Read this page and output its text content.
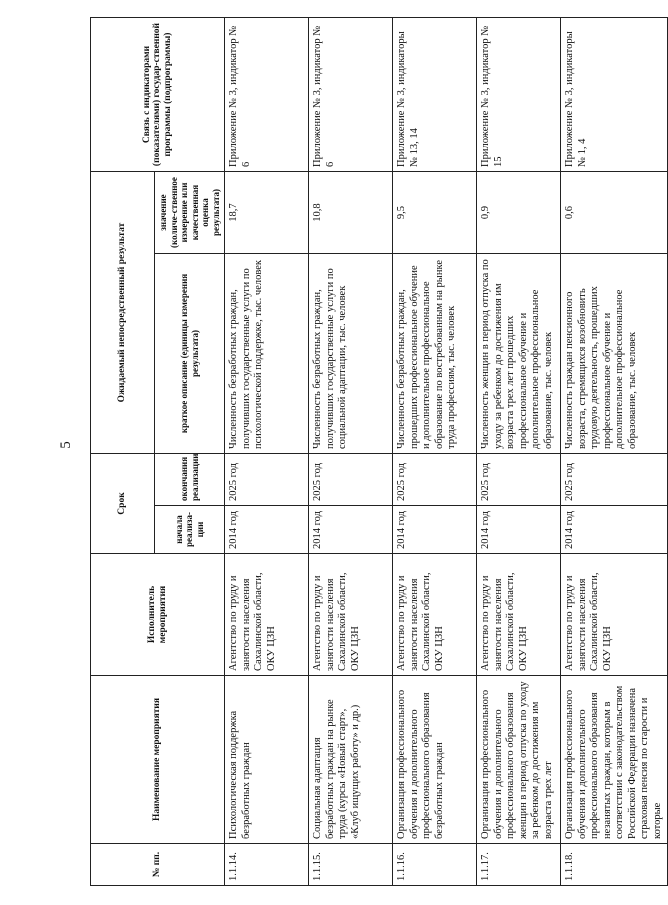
5
№ пп.	Наименование мероприятия	Исполнитель мероприятия	Срок		Ожидаемый непосредственный результат		Связь с индикаторами (показателями) государ-ственной программы (подпрограммы)
			начала реализа-ции	окончания реализации	краткое описание (единицы измерения результата)	значение (количе-ственное измерение или качественная оценка результата)	
1.1.14.	Психологическая поддержка безработных граждан	Агентство по труду и занятости населения Сахалинской области, ОКУ ЦЗН	2014 год	2025 год	Численность безработных граждан, получивших государственные услуги по психологической поддержке, тыс. человек	18,7	Приложение № 3, индикатор № 6
1.1.15.	Социальная адаптация безработных граждан на рынке труда (курсы «Новый старт», «Клуб ищущих работу» и др.)	Агентство по труду и занятости населения Сахалинской области, ОКУ ЦЗН	2014 год	2025 год	Численность безработных граждан, получивших государственные услуги по социальной адаптации, тыс. человек	10,8	Приложение № 3, индикатор № 6
1.1.16.	Организация профессионального обучения и дополнительного профессионального образования безработных граждан	Агентство по труду и занятости населения Сахалинской области, ОКУ ЦЗН	2014 год	2025 год	Численность безработных граждан, прошедших профессиональное обучение и дополнительное профессиональное образование по востребованным на рынке труда профессиям, тыс. человек	9,5	Приложение № 3, индикаторы № 13, 14
1.1.17.	Организация профессионального обучения и дополнительного профессионального образования женщин в период отпуска по уходу за ребенком до достижения им возраста трех лет	Агентство по труду и занятости населения Сахалинской области, ОКУ ЦЗН	2014 год	2025 год	Численность женщин в период отпуска по уходу за ребенком до достижения им возраста трех лет прошедших профессиональное обучение и дополнительное профессиональное образование, тыс. человек	0,9	Приложение № 3, индикатор № 15
1.1.18.	Организация профессионального обучения и дополнительного профессионального образования незанятых граждан, которым в соответствии с законодательством Российской Федерации назначена страховая пенсия по старости и которые	Агентство по труду и занятости населения Сахалинской области, ОКУ ЦЗН	2014 год	2025 год	Численность граждан пенсионного возраста, стремящихся возобновить трудовую деятельность, прошедших профессиональное обучение и дополнительное профессиональное образование, тыс. человек	0,6	Приложение № 3, индикаторы № 1, 4
